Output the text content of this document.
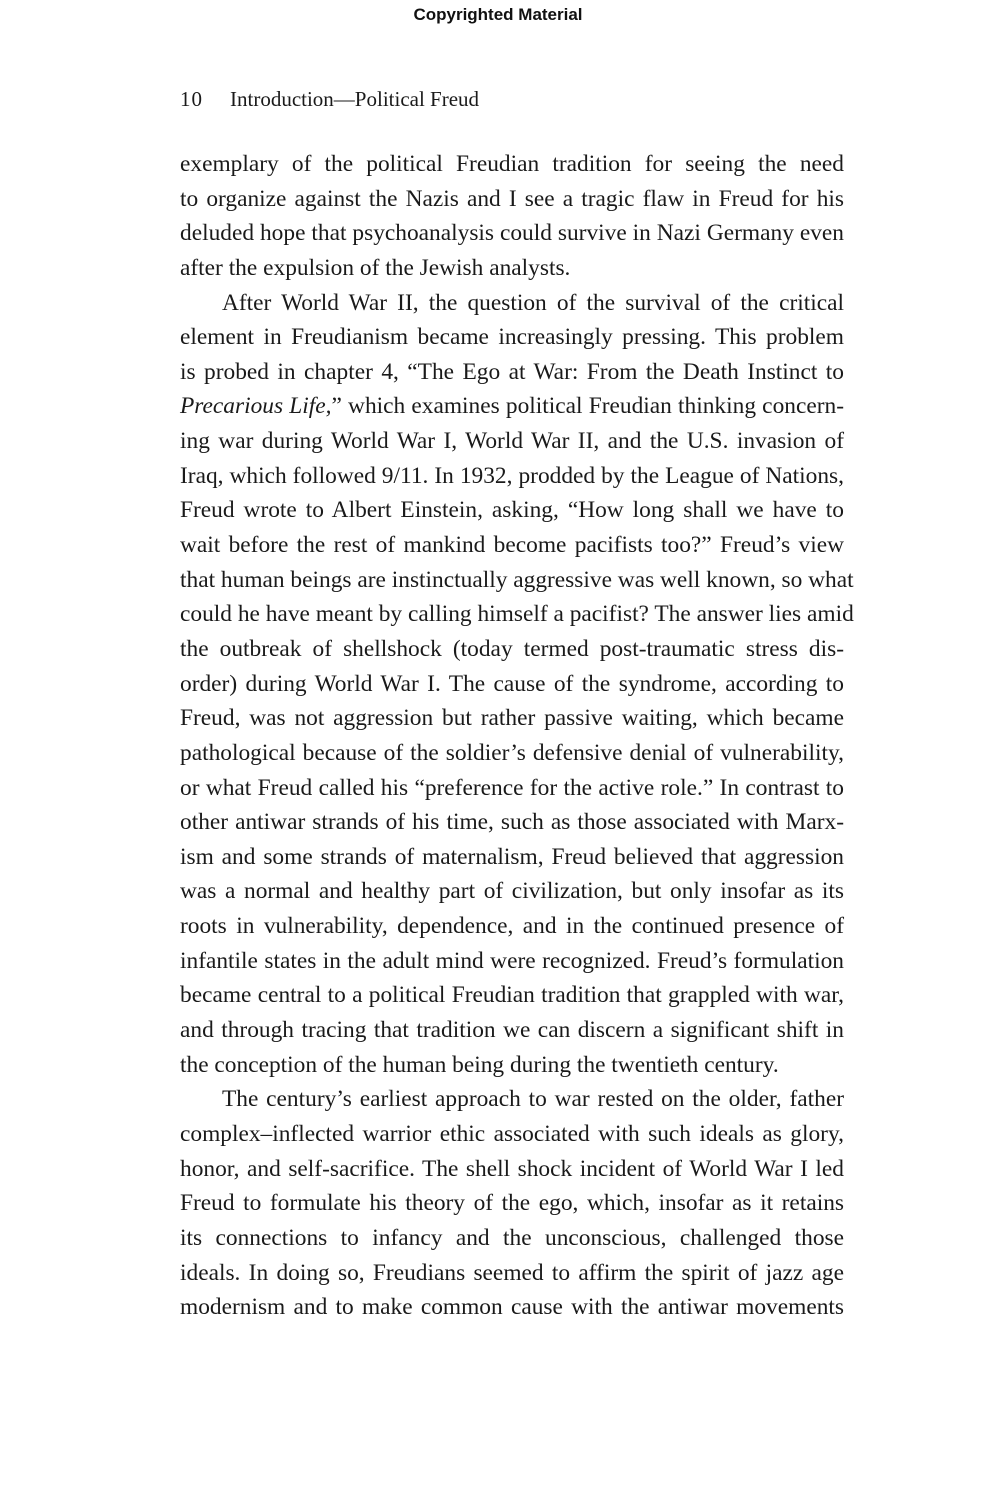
Copyrighted Material
10 Introduction—Political Freud
exemplary of the political Freudian tradition for seeing the need
to organize against the Nazis and I see a tragic flaw in Freud for his
deluded hope that psychoanalysis could survive in Nazi Germany even
after the expulsion of the Jewish analysts.
After World War II, the question of the survival of the critical
element in Freudianism became increasingly pressing. This problem
is probed in chapter 4, “The Ego at War: From the Death Instinct to
Precarious Life,” which examines political Freudian thinking concern-
ing war during World War I, World War II, and the U.S. invasion of
Iraq, which followed 9/11. In 1932, prodded by the League of Nations,
Freud wrote to Albert Einstein, asking, “How long shall we have to
wait before the rest of mankind become pacifists too?” Freud’s view
that human beings are instinctually aggressive was well known, so what
could he have meant by calling himself a pacifist? The answer lies amid
the outbreak of shellshock (today termed post-traumatic stress dis-
order) during World War I. The cause of the syndrome, according to
Freud, was not aggression but rather passive waiting, which became
pathological because of the soldier’s defensive denial of vulnerability,
or what Freud called his “preference for the active role.” In contrast to
other antiwar strands of his time, such as those associated with Marx-
ism and some strands of maternalism, Freud believed that aggression
was a normal and healthy part of civilization, but only insofar as its
roots in vulnerability, dependence, and in the continued presence of
infantile states in the adult mind were recognized. Freud’s formulation
became central to a political Freudian tradition that grappled with war,
and through tracing that tradition we can discern a significant shift in
the conception of the human being during the twentieth century.
The century’s earliest approach to war rested on the older, father
complex–inflected warrior ethic associated with such ideals as glory,
honor, and self-sacrifice. The shell shock incident of World War I led
Freud to formulate his theory of the ego, which, insofar as it retains
its connections to infancy and the unconscious, challenged those
ideals. In doing so, Freudians seemed to affirm the spirit of jazz age
modernism and to make common cause with the antiwar movements
